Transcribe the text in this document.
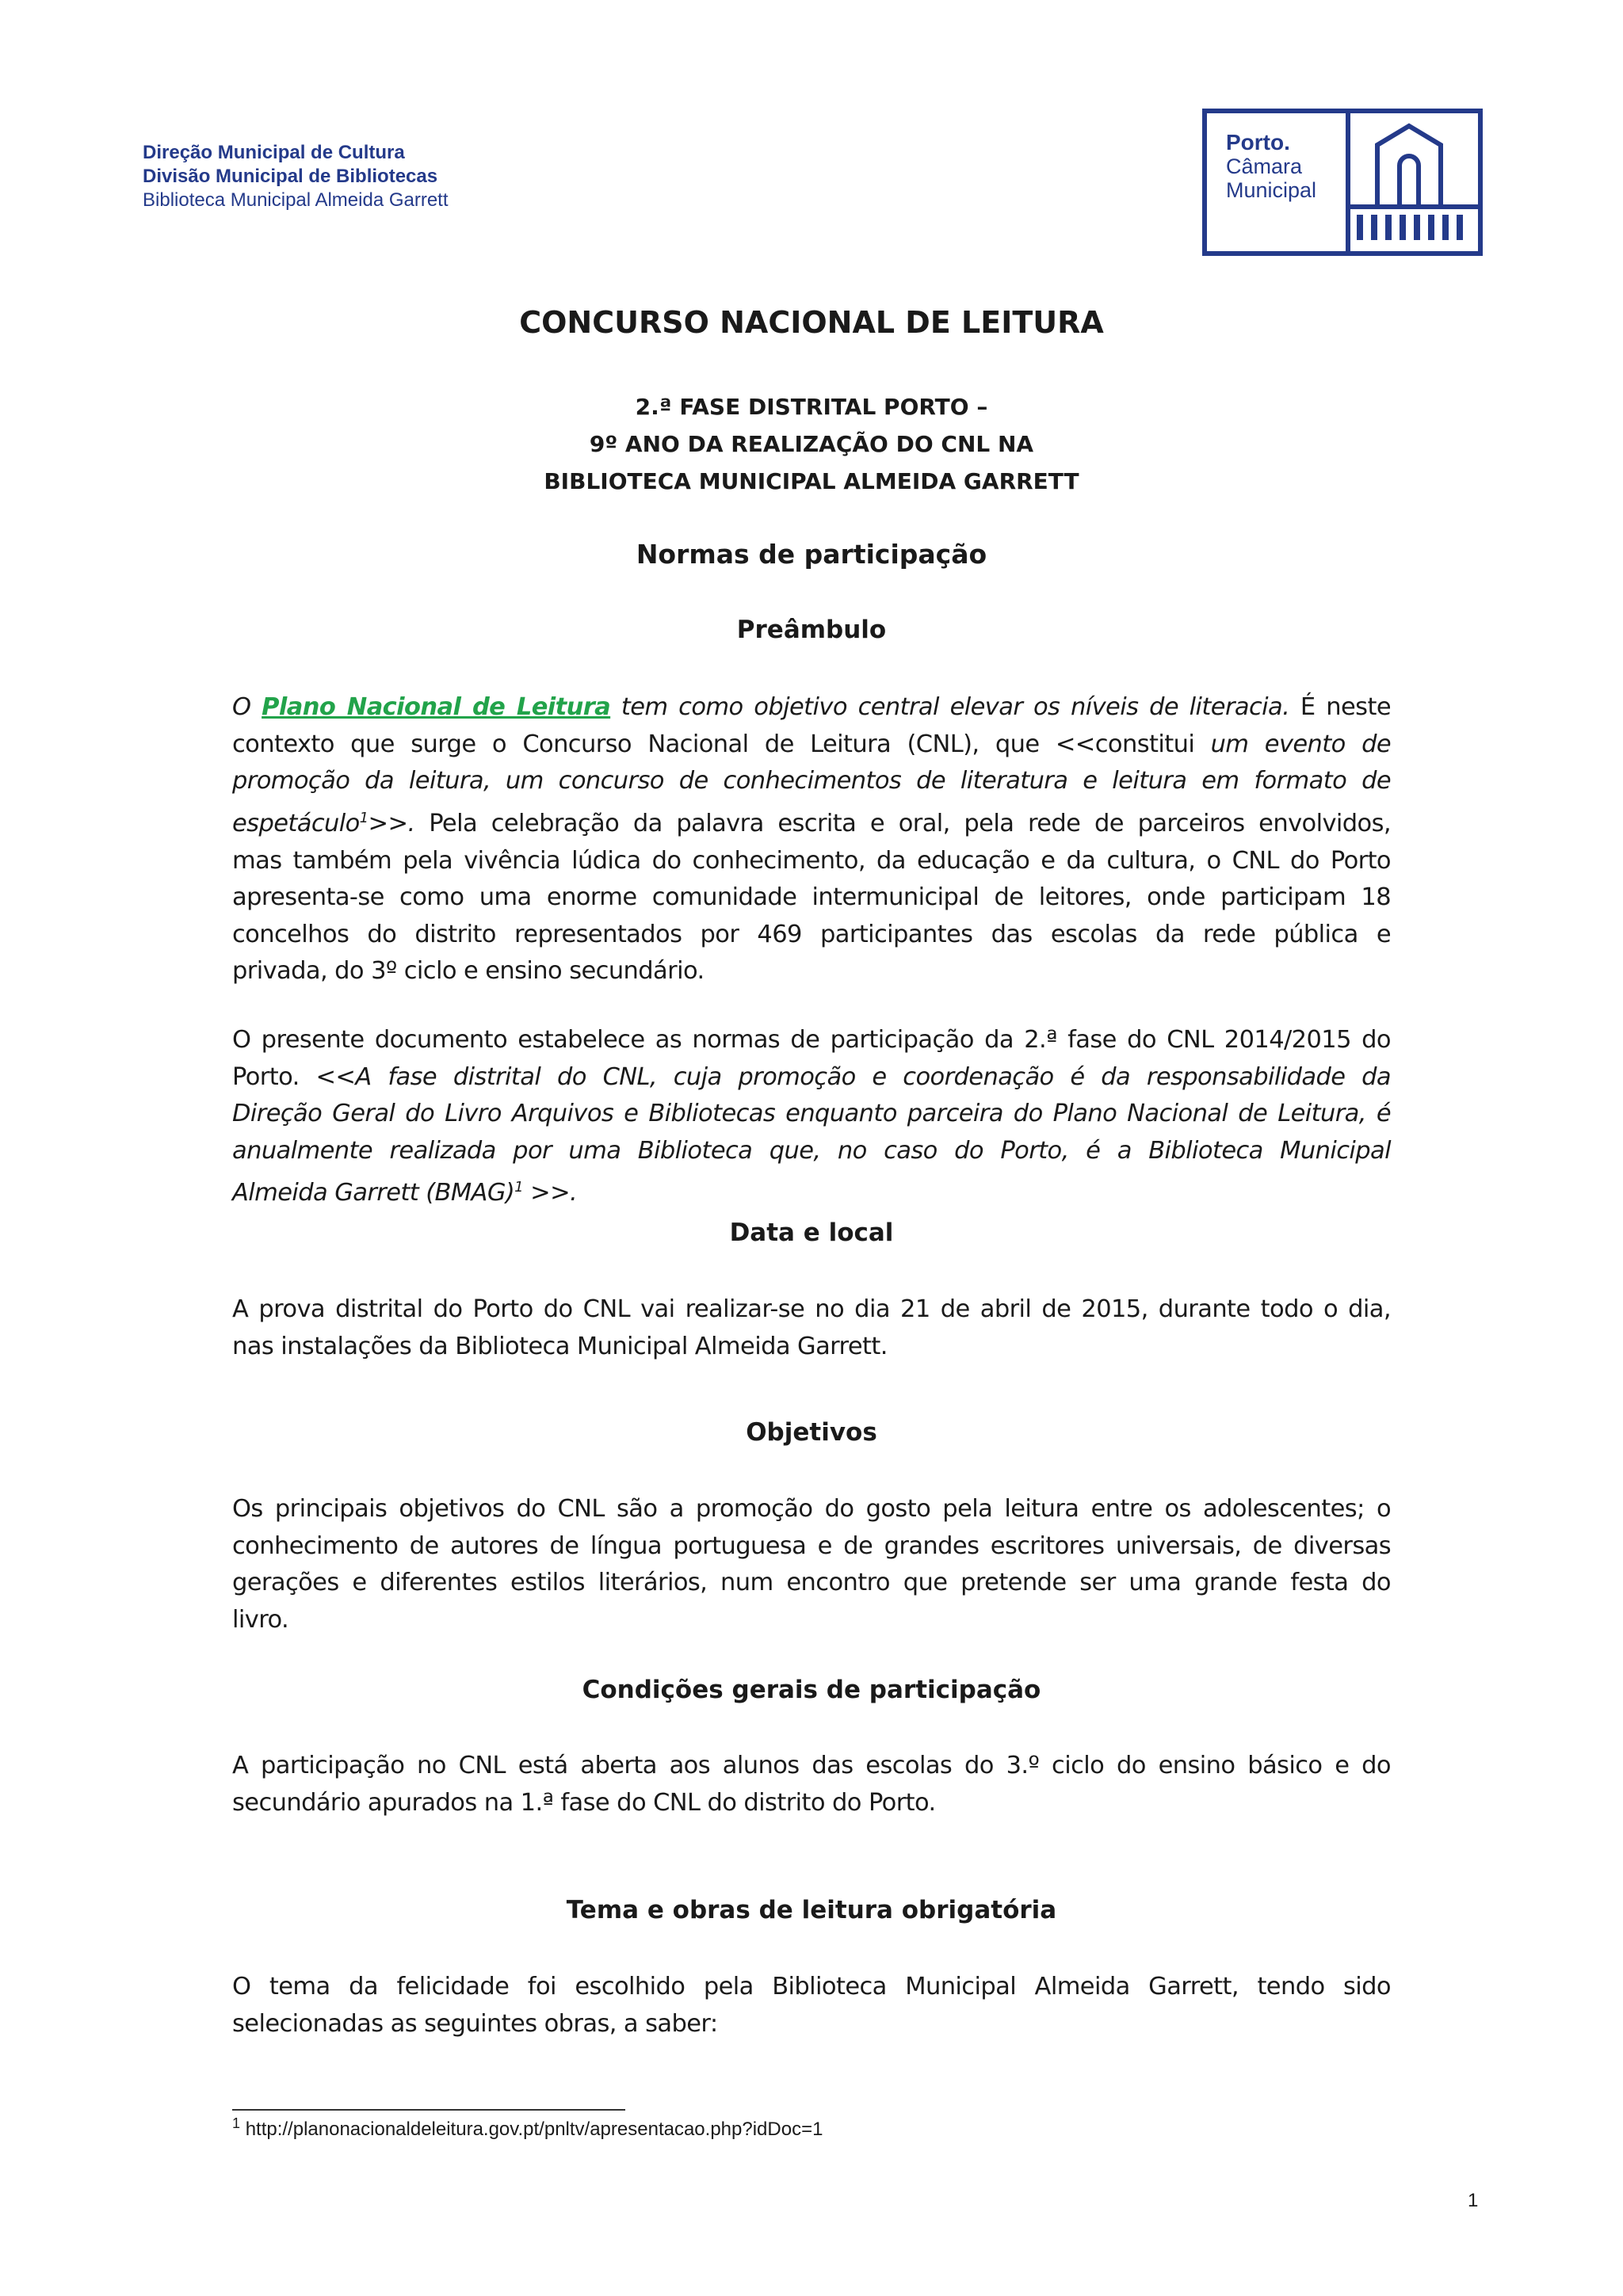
Direção Municipal de Cultura
Divisão Municipal de Bibliotecas
Biblioteca Municipal Almeida Garrett
Porto.
Câmara
Municipal
CONCURSO NACIONAL DE LEITURA
2.ª FASE DISTRITAL PORTO –
9º ANO DA REALIZAÇÃO DO CNL NA
BIBLIOTECA MUNICIPAL ALMEIDA GARRETT
Normas de participação
Preâmbulo
O Plano Nacional de Leitura tem como objetivo central elevar os níveis de literacia. É neste
contexto que surge o Concurso Nacional de Leitura (CNL), que <<constitui um evento de
promoção da leitura, um concurso de conhecimentos de literatura e leitura em formato de
espetáculo$^1$>>. Pela celebração da palavra escrita e oral, pela rede de parceiros envolvidos,
mas também pela vivência lúdica do conhecimento, da educação e da cultura, o CNL do Porto
apresenta-se como uma enorme comunidade intermunicipal de leitores, onde participam 18
concelhos do distrito representados por 469 participantes das escolas da rede pública e
privada, do 3º ciclo e ensino secundário.
O presente documento estabelece as normas de participação da 2.ª fase do CNL 2014/2015 do
Porto. <<A fase distrital do CNL, cuja promoção e coordenação é da responsabilidade da
Direção Geral do Livro Arquivos e Bibliotecas enquanto parceira do Plano Nacional de Leitura, é
anualmente realizada por uma Biblioteca que, no caso do Porto, é a Biblioteca Municipal
Almeida Garrett (BMAG)$^1$ >>.
Data e local
A prova distrital do Porto do CNL vai realizar-se no dia 21 de abril de 2015, durante todo o dia,
nas instalações da Biblioteca Municipal Almeida Garrett.
Objetivos
Os principais objetivos do CNL são a promoção do gosto pela leitura entre os adolescentes; o
conhecimento de autores de língua portuguesa e de grandes escritores universais, de diversas
gerações e diferentes estilos literários, num encontro que pretende ser uma grande festa do
livro.
Condições gerais de participação
A participação no CNL está aberta aos alunos das escolas do 3.º ciclo do ensino básico e do
secundário apurados na 1.ª fase do CNL do distrito do Porto.
Tema e obras de leitura obrigatória
O tema da felicidade foi escolhido pela Biblioteca Municipal Almeida Garrett, tendo sido
selecionadas as seguintes obras, a saber:
$^1$ http://planonacionaldeleitura.gov.pt/pnltv/apresentacao.php?idDoc=1
1
